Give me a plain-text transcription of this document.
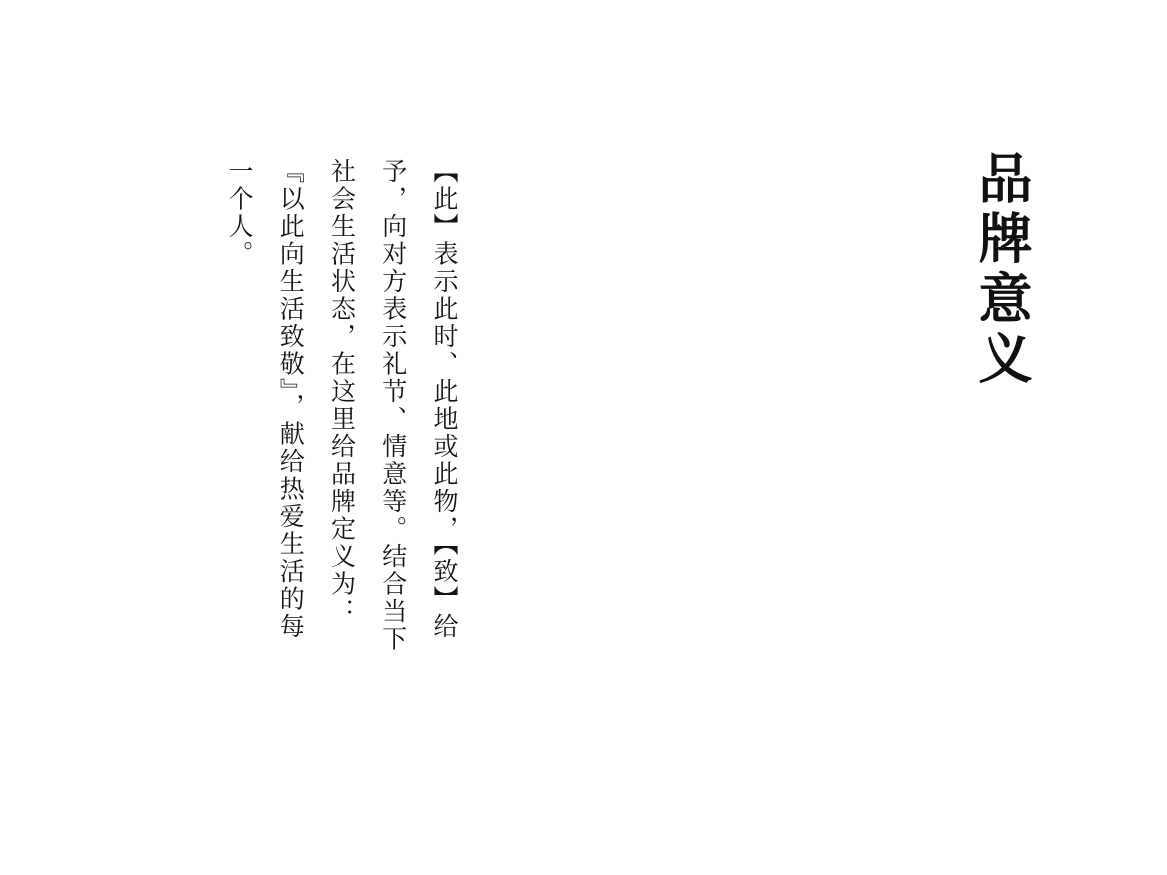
品牌意义
【此】表示此时、此地或此物，【致】给
予，向对方表示礼节、情意等。结合当下
社会生活状态，在这里给品牌定义为：
『以此向生活致敬』，献给热爱生活的每
一个人。
